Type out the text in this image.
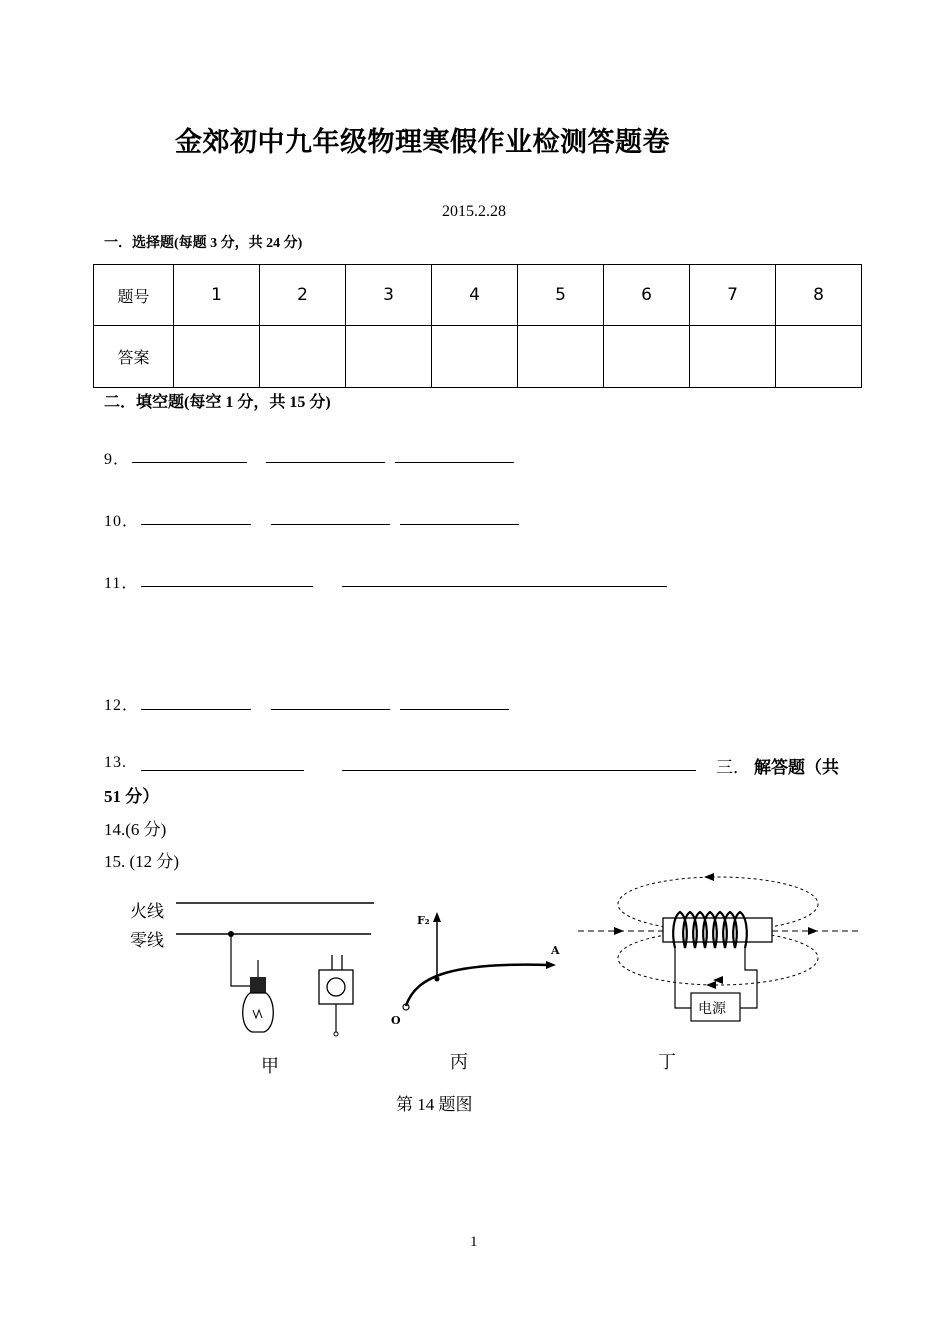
金郊初中九年级物理寒假作业检测答题卷
2015.2.28
一．选择题(每题 3 分，共 24 分)
题号	1	2	3	4	5	6	7	8
答案								
二．填空题(每空 1 分，共 15 分)
9．
10．
11．
12．
13.	三． 解答题（共
51 分）
14.(6 分)
15. (12 分)
火线
零线
F₂
A
O
电源
甲	丙	丁
第 14 题图
1
